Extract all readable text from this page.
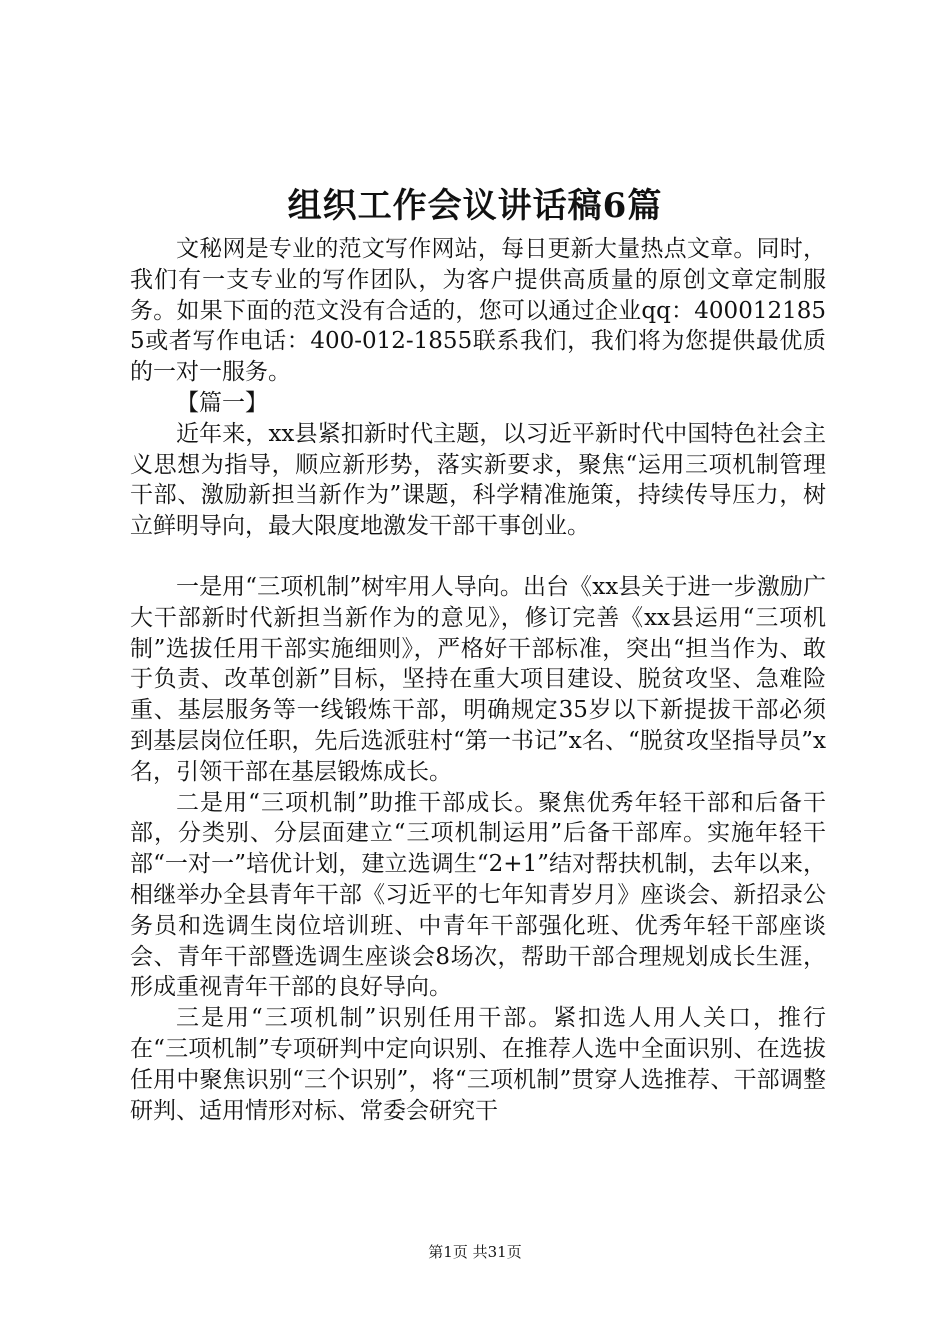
组织工作会议讲话稿6篇

文秘网是专业的范文写作网站，每日更新大量热点文章。同时，我们有一支专业的写作团队，为客户提供高质量的原创文章定制服务。如果下面的范文没有合适的，您可以通过企业qq：4000121855或者写作电话：400-012-1855联系我们，我们将为您提供最优质的一对一服务。

【篇一】

近年来，xx县紧扣新时代主题，以习近平新时代中国特色社会主义思想为指导，顺应新形势，落实新要求，聚焦“运用三项机制管理干部、激励新担当新作为”课题，科学精准施策，持续传导压力，树立鲜明导向，最大限度地激发干部干事创业。

一是用“三项机制”树牢用人导向。出台《xx县关于进一步激励广大干部新时代新担当新作为的意见》，修订完善《xx县运用“三项机制”选拔任用干部实施细则》，严格好干部标准，突出“担当作为、敢于负责、改革创新”目标，坚持在重大项目建设、脱贫攻坚、急难险重、基层服务等一线锻炼干部，明确规定35岁以下新提拔干部必须到基层岗位任职，先后选派驻村“第一书记”x名、“脱贫攻坚指导员”x名，引领干部在基层锻炼成长。

二是用“三项机制”助推干部成长。聚焦优秀年轻干部和后备干部，分类别、分层面建立“三项机制运用”后备干部库。实施年轻干部“一对一”培优计划，建立选调生“2+1”结对帮扶机制，去年以来，相继举办全县青年干部《习近平的七年知青岁月》座谈会、新招录公务员和选调生岗位培训班、中青年干部强化班、优秀年轻干部座谈会、青年干部暨选调生座谈会8场次，帮助干部合理规划成长生涯，形成重视青年干部的良好导向。

三是用“三项机制”识别任用干部。紧扣选人用人关口，推行在“三项机制”专项研判中定向识别、在推荐人选中全面识别、在选拔任用中聚焦识别“三个识别”，将“三项机制”贯穿人选推荐、干部调整研判、适用情形对标、常委会研究干

第1页 共31页
